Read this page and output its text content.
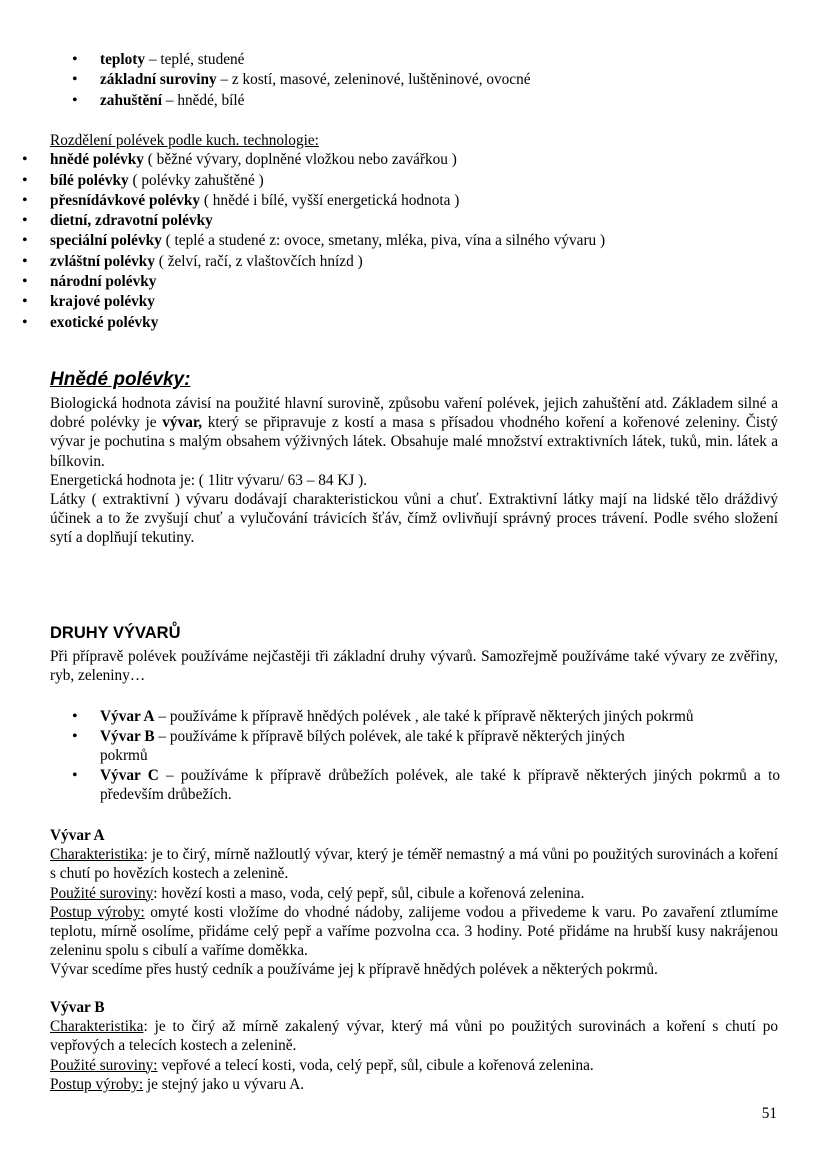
• teploty – teplé, studené
• základní suroviny – z kostí, masové, zeleninové, luštěninové, ovocné
• zahuštění – hnědé, bílé
Rozdělení polévek podle kuch. technologie:
• hnědé polévky ( běžné vývary, doplněné vložkou nebo zavářkou )
• bílé polévky ( polévky zahuštěné )
• přesnídávkové polévky ( hnědé i bílé, vyšší energetická hodnota )
• dietní, zdravotní polévky
• speciální polévky ( teplé a studené z: ovoce, smetany, mléka, piva, vína a silného vývaru )
• zvláštní polévky ( želví, račí, z vlaštovčích hnízd )
• národní polévky
• krajové polévky
• exotické polévky
Hnědé polévky:

Biologická hodnota závisí na použité hlavní surovině, způsobu vaření polévek, jejich zahuštění atd. Základem silné a dobré polévky je vývar, který se připravuje z kostí a masa s přísadou vhodného koření a kořenové zeleniny. Čistý vývar je pochutina s malým obsahem výživných látek. Obsahuje malé množství extraktivních látek, tuků, min. látek a bílkovin.

Energetická hodnota je: ( 1litr vývaru/ 63 – 84 KJ ).

Látky ( extraktivní ) vývaru dodávají charakteristickou vůni a chuť. Extraktivní látky mají na lidské tělo dráždivý účinek a to že zvyšují chuť a vylučování trávicích šťáv, čímž ovlivňují správný proces trávení. Podle svého složení sytí a doplňují tekutiny.

DRUHY VÝVARŮ

Při přípravě polévek používáme nejčastěji tři základní druhy vývarů. Samozřejmě používáme také vývary ze zvěřiny, ryb, zeleniny…

• Vývar A – používáme k přípravě hnědých polévek , ale také k přípravě některých jiných pokrmů
• Vývar B – používáme k přípravě bílých polévek, ale také k přípravě některých jiných
pokrmů
• Vývar C – používáme k přípravě drůbežích polévek, ale také k přípravě některých jiných pokrmů a to především drůbežích.
Vývar A

Charakteristika: je to čirý, mírně nažloutlý vývar, který je téměř nemastný a má vůni po použitých surovinách a koření s chutí po hovězích kostech a zelenině.

Použité suroviny: hovězí kosti a maso, voda, celý pepř, sůl, cibule a kořenová zelenina.

Postup výroby: omyté kosti vložíme do vhodné nádoby, zalijeme vodou a přivedeme k varu. Po zavaření ztlumíme teplotu, mírně osolíme, přidáme celý pepř a vaříme pozvolna cca. 3 hodiny. Poté přidáme na hrubší kusy nakrájenou zeleninu spolu s cibulí a vaříme doměkka.

Vývar scedíme přes hustý cedník a používáme jej k přípravě hnědých polévek a některých pokrmů.

Vývar B

Charakteristika: je to čirý až mírně zakalený vývar, který má vůni po použitých surovinách a koření s chutí po vepřových a telecích kostech a zelenině.

Použité suroviny: vepřové a telecí kosti, voda, celý pepř, sůl, cibule a kořenová zelenina.

Postup výroby: je stejný jako u vývaru A.

51
